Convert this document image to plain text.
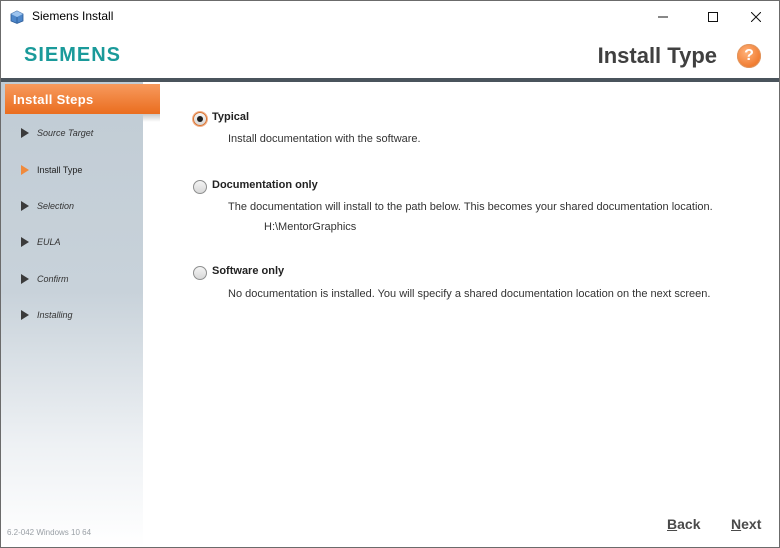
Siemens Install
SIEMENS	Install Type ?
Install Steps
Source Target
Install Type
Selection
EULA
Confirm
Installing
6.2-042 Windows 10 64
Typical
Install documentation with the software.
Documentation only
The documentation will install to the path below. This becomes your shared documentation location.
H:\MentorGraphics
Software only
No documentation is installed. You will specify a shared documentation location on the next screen.
Back Next
